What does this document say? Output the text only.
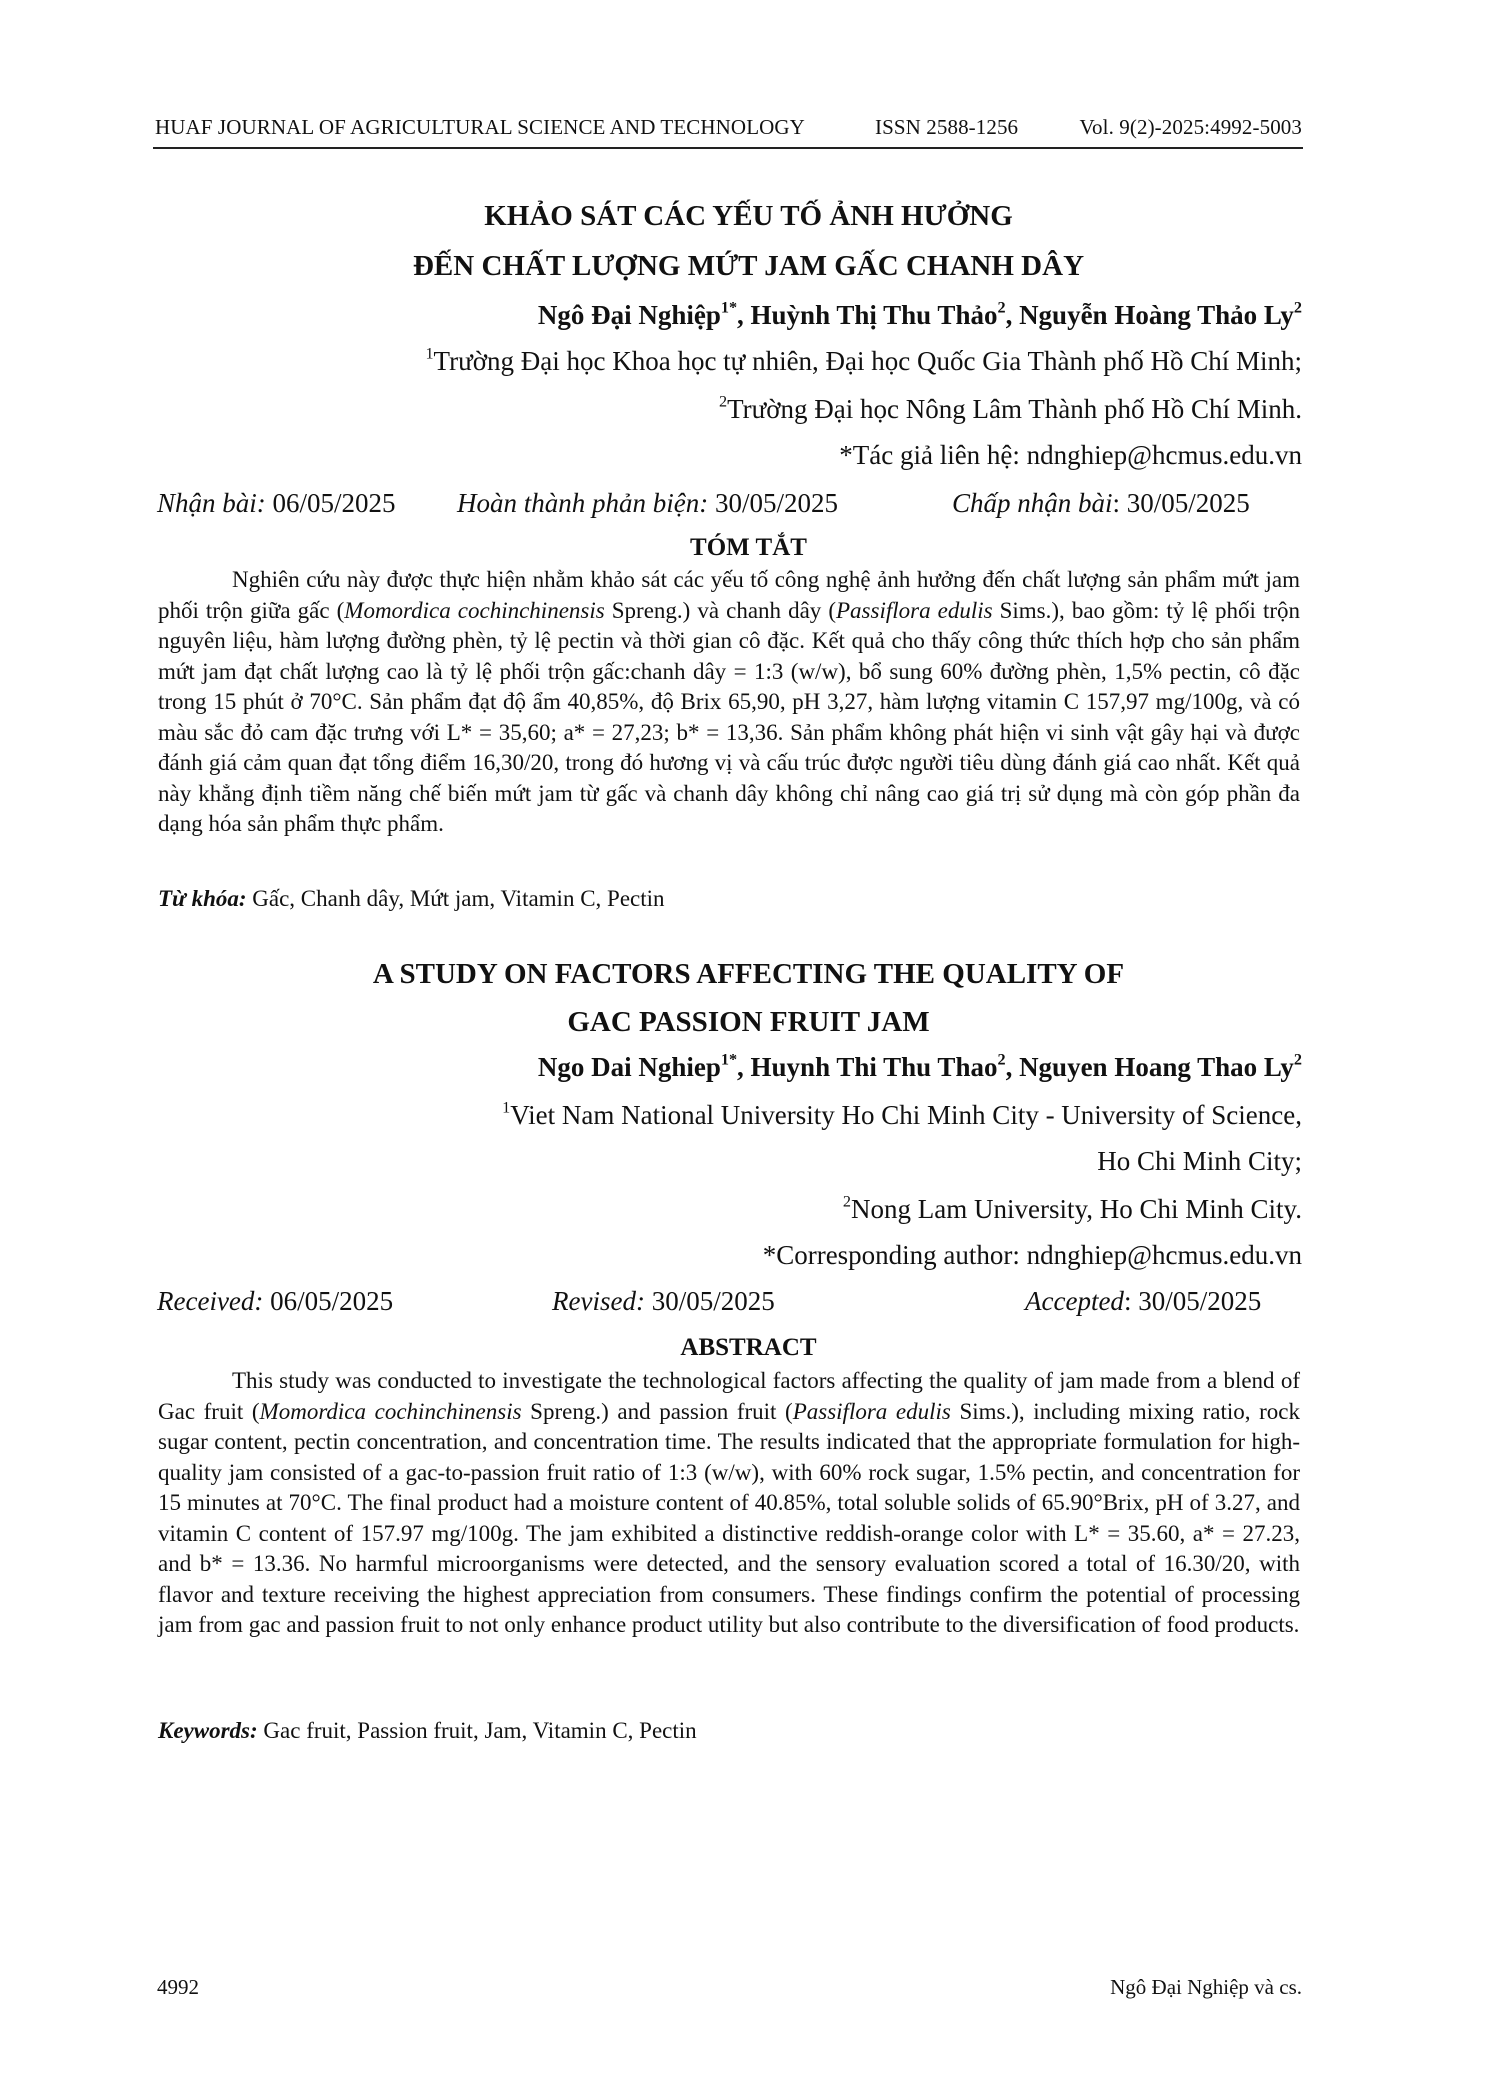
HUAF JOURNAL OF AGRICULTURAL SCIENCE AND TECHNOLOGY	ISSN 2588-1256	Vol. 9(2)-2025:4992-5003
KHẢO SÁT CÁC YẾU TỐ ẢNH HƯỞNG
ĐẾN CHẤT LƯỢNG MỨT JAM GẤC CHANH DÂY
Ngô Đại Nghiệp$^{1*}$, Huỳnh Thị Thu Thảo$^2$, Nguyễn Hoàng Thảo Ly$^2$
$^1$Trường Đại học Khoa học tự nhiên, Đại học Quốc Gia Thành phố Hồ Chí Minh;
$^2$Trường Đại học Nông Lâm Thành phố Hồ Chí Minh.
*Tác giả liên hệ: ndnghiep@hcmus.edu.vn
Nhận bài: 06/05/2025 Hoàn thành phản biện: 30/05/2025	Chấp nhận bài: 30/05/2025
TÓM TẮT

Nghiên cứu này được thực hiện nhằm khảo sát các yếu tố công nghệ ảnh hưởng đến chất lượng sản phẩm mứt jam phối trộn giữa gấc (Momordica cochinchinensis Spreng.) và chanh dây (Passiflora edulis Sims.), bao gồm: tỷ lệ phối trộn nguyên liệu, hàm lượng đường phèn, tỷ lệ pectin và thời gian cô đặc. Kết quả cho thấy công thức thích hợp cho sản phẩm mứt jam đạt chất lượng cao là tỷ lệ phối trộn gấc:chanh dây = 1:3 (w/w), bổ sung 60% đường phèn, 1,5% pectin, cô đặc trong 15 phút ở 70°C. Sản phẩm đạt độ ẩm 40,85%, độ Brix 65,90, pH 3,27, hàm lượng vitamin C 157,97 mg/100g, và có màu sắc đỏ cam đặc trưng với L* = 35,60; a* = 27,23; b* = 13,36. Sản phẩm không phát hiện vi sinh vật gây hại và được đánh giá cảm quan đạt tổng điểm 16,30/20, trong đó hương vị và cấu trúc được người tiêu dùng đánh giá cao nhất. Kết quả này khẳng định tiềm năng chế biến mứt jam từ gấc và chanh dây không chỉ nâng cao giá trị sử dụng mà còn góp phần đa dạng hóa sản phẩm thực phẩm.

Từ khóa: Gấc, Chanh dây, Mứt jam, Vitamin C, Pectin
A STUDY ON FACTORS AFFECTING THE QUALITY OF
GAC PASSION FRUIT JAM
Ngo Dai Nghiep$^{1*}$, Huynh Thi Thu Thao$^2$, Nguyen Hoang Thao Ly$^2$
$^1$Viet Nam National University Ho Chi Minh City - University of Science,
Ho Chi Minh City;
$^2$Nong Lam University, Ho Chi Minh City.
*Corresponding author: ndnghiep@hcmus.edu.vn
Received: 06/05/2025	Revised: 30/05/2025	Accepted: 30/05/2025
ABSTRACT

This study was conducted to investigate the technological factors affecting the quality of jam made from a blend of Gac fruit (Momordica cochinchinensis Spreng.) and passion fruit (Passiflora edulis Sims.), including mixing ratio, rock sugar content, pectin concentration, and concentration time. The results indicated that the appropriate formulation for high-quality jam consisted of a gac-to-passion fruit ratio of 1:3 (w/w), with 60% rock sugar, 1.5% pectin, and concentration for 15 minutes at 70°C. The final product had a moisture content of 40.85%, total soluble solids of 65.90°Brix, pH of 3.27, and vitamin C content of 157.97 mg/100g. The jam exhibited a distinctive reddish-orange color with L* = 35.60, a* = 27.23, and b* = 13.36. No harmful microorganisms were detected, and the sensory evaluation scored a total of 16.30/20, with flavor and texture receiving the highest appreciation from consumers. These findings confirm the potential of processing jam from gac and passion fruit to not only enhance product utility but also contribute to the diversification of food products.

Keywords: Gac fruit, Passion fruit, Jam, Vitamin C, Pectin
4992	Ngô Đại Nghiệp và cs.
